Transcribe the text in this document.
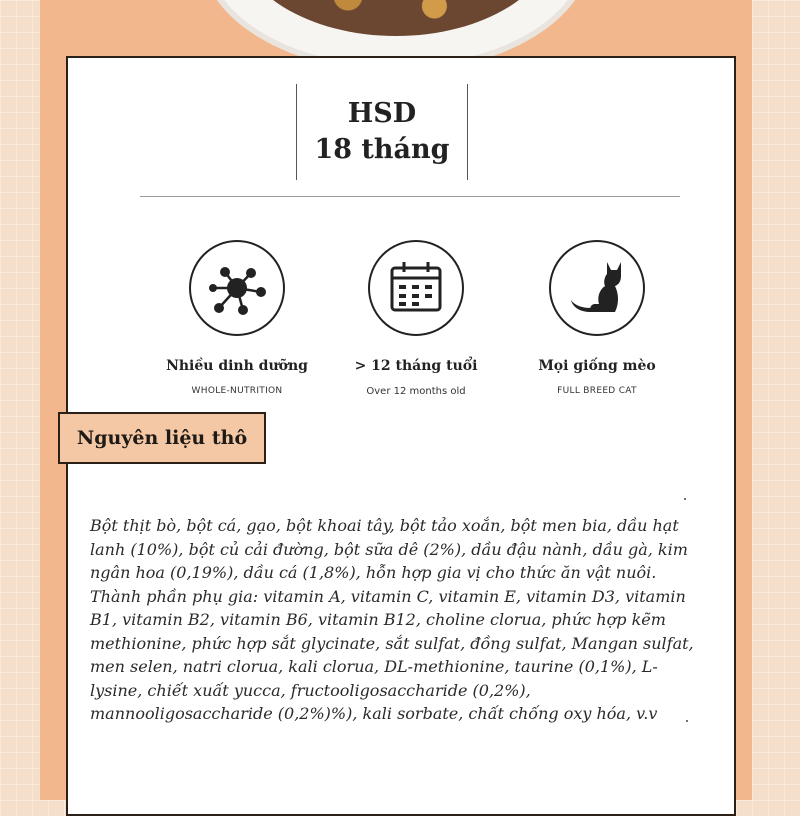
HSD
18 tháng
Nhiều dinh dưỡng
WHOLE-NUTRITION
> 12 tháng tuổi
Over 12 months old
Mọi giống mèo
FULL BREED CAT
Nguyên liệu thô

Bột thịt bò, bột cá, gạo, bột khoai tây, bột tảo xoắn, bột men bia, dầu hạt lanh (10%), bột củ cải đường, bột sữa dê (2%), dầu đậu nành, dầu gà, kim ngân hoa (0,19%), dầu cá (1,8%), hỗn hợp gia vị cho thức ăn vật nuôi. Thành phần phụ gia: vitamin A, vitamin C, vitamin E, vitamin D3, vitamin B1, vitamin B2, vitamin B6, vitamin B12, choline clorua, phức hợp kẽm methionine, phức hợp sắt glycinate, sắt sulfat, đồng sulfat, Mangan sulfat, men selen, natri clorua, kali clorua, DL-methionine, taurine (0,1%), L-lysine, chiết xuất yucca, fructooligosaccharide (0,2%), mannooligosaccharide (0,2%)%), kali sorbate, chất chống oxy hóa, v.v
